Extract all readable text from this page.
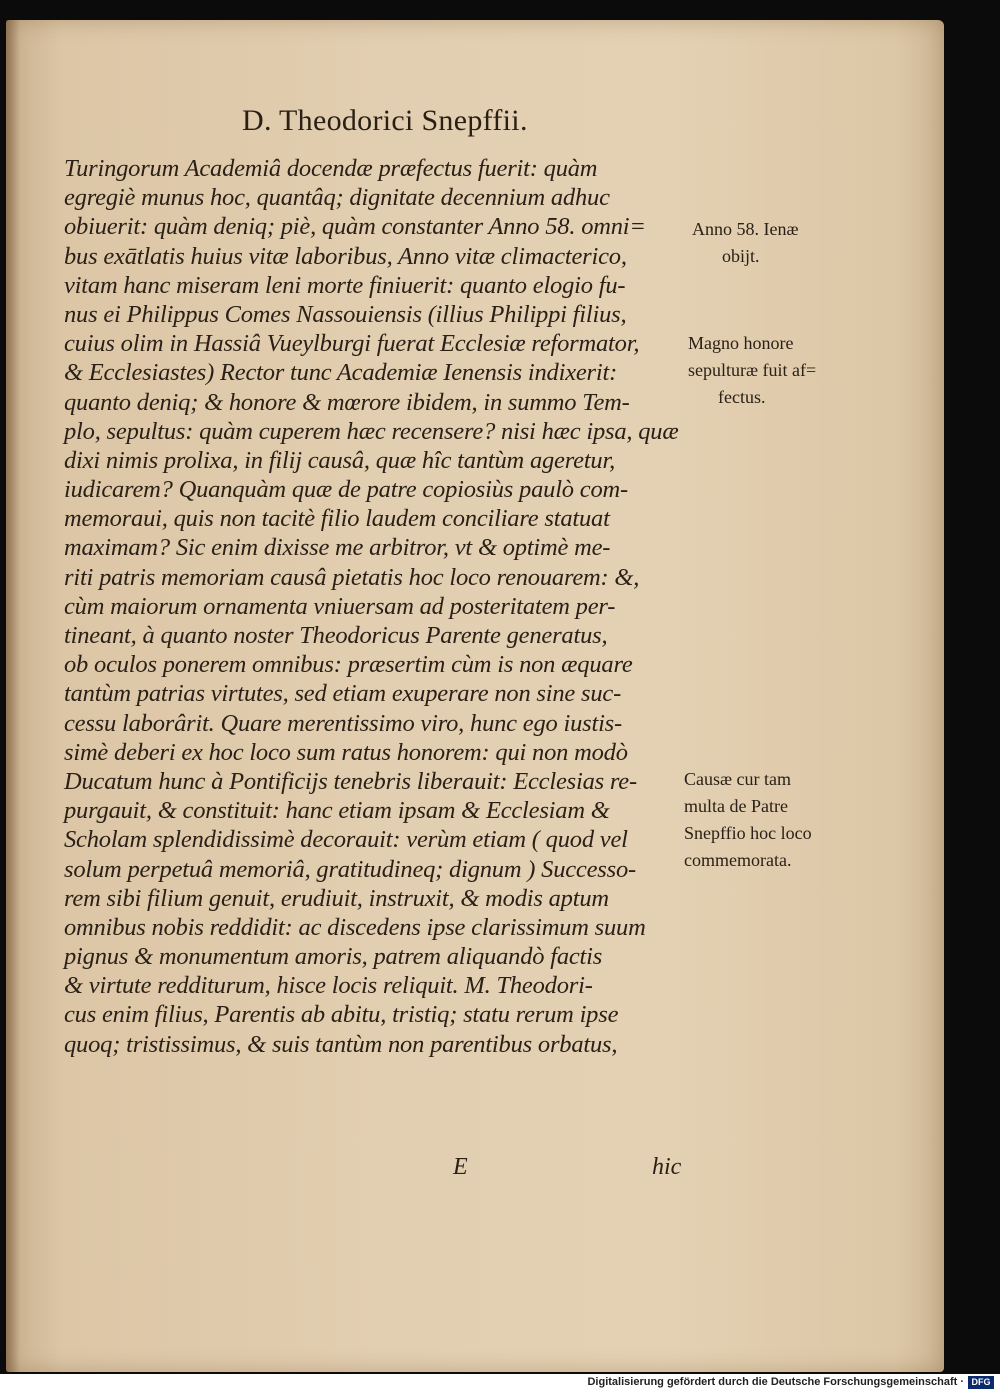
D. Theodorici Snepffii.
Turingorum Academiâ docendæ præfectus fuerit: quàm
egregiè munus hoc, quantâq; dignitate decennium adhuc
obiuerit: quàm deniq; piè, quàm constanter Anno 58. omni=
bus exātlatis huius vitæ laboribus, Anno vitæ climacterico,
vitam hanc miseram leni morte finiuerit: quanto elogio fu-
nus ei Philippus Comes Nassouiensis (illius Philippi filius,
cuius olim in Hassiâ Vueylburgi fuerat Ecclesiæ reformator,
& Ecclesiastes) Rector tunc Academiæ Ienensis indixerit:
quanto deniq; & honore & mœrore ibidem, in summo Tem-
plo, sepultus: quàm cuperem hæc recensere? nisi hæc ipsa, quæ
dixi nimis prolixa, in filij causâ, quæ hîc tantùm ageretur,
iudicarem? Quanquàm quæ de patre copiosiùs paulò com-
memoraui, quis non tacitè filio laudem conciliare statuat
maximam? Sic enim dixisse me arbitror, vt & optimè me-
riti patris memoriam causâ pietatis hoc loco renouarem: &,
cùm maiorum ornamenta vniuersam ad posteritatem per-
tineant, à quanto noster Theodoricus Parente generatus,
ob oculos ponerem omnibus: præsertim cùm is non æquare
tantùm patrias virtutes, sed etiam exuperare non sine suc-
cessu laborârit. Quare merentissimo viro, hunc ego iustis-
simè deberi ex hoc loco sum ratus honorem: qui non modò
Ducatum hunc à Pontificijs tenebris liberauit: Ecclesias re-
purgauit, & constituit: hanc etiam ipsam & Ecclesiam &
Scholam splendidissimè decorauit: verùm etiam ( quod vel
solum perpetuâ memoriâ, gratitudineq; dignum ) Successo-
rem sibi filium genuit, erudiuit, instruxit, & modis aptum
omnibus nobis reddidit: ac discedens ipse clarissimum suum
pignus & monumentum amoris, patrem aliquandò factis
& virtute redditurum, hisce locis reliquit. M. Theodori-
cus enim filius, Parentis ab abitu, tristiq; statu rerum ipse
quoq; tristissimus, & suis tantùm non parentibus orbatus,
Anno 58. Ienæ
obijt.
Magno honore
sepulturæ fuit af=
fectus.
Causæ cur tam
multa de Patre
Snepffio hoc loco
commemorata.
E	hic
Digitalisierung gefördert durch die Deutsche Forschungsgemeinschaft · DFG
